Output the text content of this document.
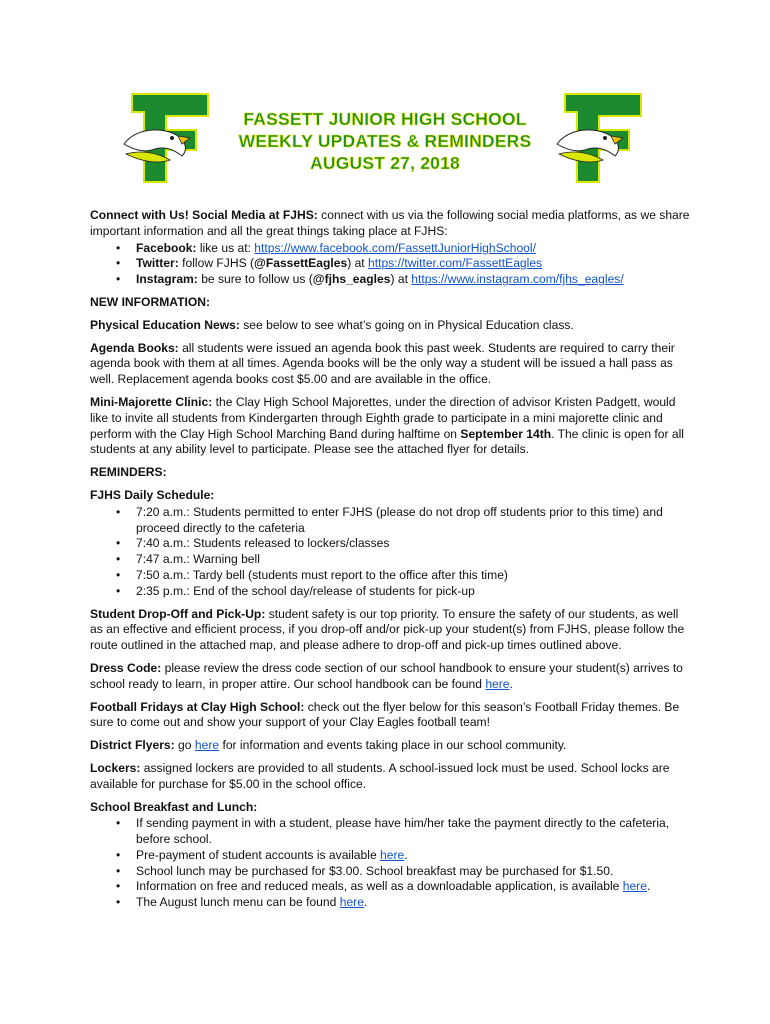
FASSETT JUNIOR HIGH SCHOOL
WEEKLY UPDATES & REMINDERS
AUGUST 27, 2018

Connect with Us! Social Media at FJHS: connect with us via the following social media platforms, as we share important information and all the great things taking place at FJHS:

• Facebook: like us at: https://www.facebook.com/FassettJuniorHighSchool/
• Twitter: follow FJHS (@FassettEagles) at https://twitter.com/FassettEagles
• Instagram: be sure to follow us (@fjhs_eagles) at https://www.instagram.com/fjhs_eagles/

NEW INFORMATION:

Physical Education News: see below to see what’s going on in Physical Education class.

Agenda Books: all students were issued an agenda book this past week. Students are required to carry their agenda book with them at all times. Agenda books will be the only way a student will be issued a hall pass as well. Replacement agenda books cost $5.00 and are available in the office.

Mini-Majorette Clinic: the Clay High School Majorettes, under the direction of advisor Kristen Padgett, would like to invite all students from Kindergarten through Eighth grade to participate in a mini majorette clinic and perform with the Clay High School Marching Band during halftime on September 14th. The clinic is open for all students at any ability level to participate. Please see the attached flyer for details.

REMINDERS:

FJHS Daily Schedule:

• 7:20 a.m.: Students permitted to enter FJHS (please do not drop off students prior to this time) and proceed directly to the cafeteria
• 7:40 a.m.: Students released to lockers/classes
• 7:47 a.m.: Warning bell
• 7:50 a.m.: Tardy bell (students must report to the office after this time)
• 2:35 p.m.: End of the school day/release of students for pick-up

Student Drop-Off and Pick-Up: student safety is our top priority. To ensure the safety of our students, as well as an effective and efficient process, if you drop-off and/or pick-up your student(s) from FJHS, please follow the route outlined in the attached map, and please adhere to drop-off and pick-up times outlined above.

Dress Code: please review the dress code section of our school handbook to ensure your student(s) arrives to school ready to learn, in proper attire. Our school handbook can be found here.

Football Fridays at Clay High School: check out the flyer below for this season’s Football Friday themes. Be sure to come out and show your support of your Clay Eagles football team!

District Flyers: go here for information and events taking place in our school community.

Lockers: assigned lockers are provided to all students. A school-issued lock must be used. School locks are available for purchase for $5.00 in the school office.

School Breakfast and Lunch:

• If sending payment in with a student, please have him/her take the payment directly to the cafeteria, before school.
• Pre-payment of student accounts is available here.
• School lunch may be purchased for $3.00. School breakfast may be purchased for $1.50.
• Information on free and reduced meals, as well as a downloadable application, is available here.
• The August lunch menu can be found here.
